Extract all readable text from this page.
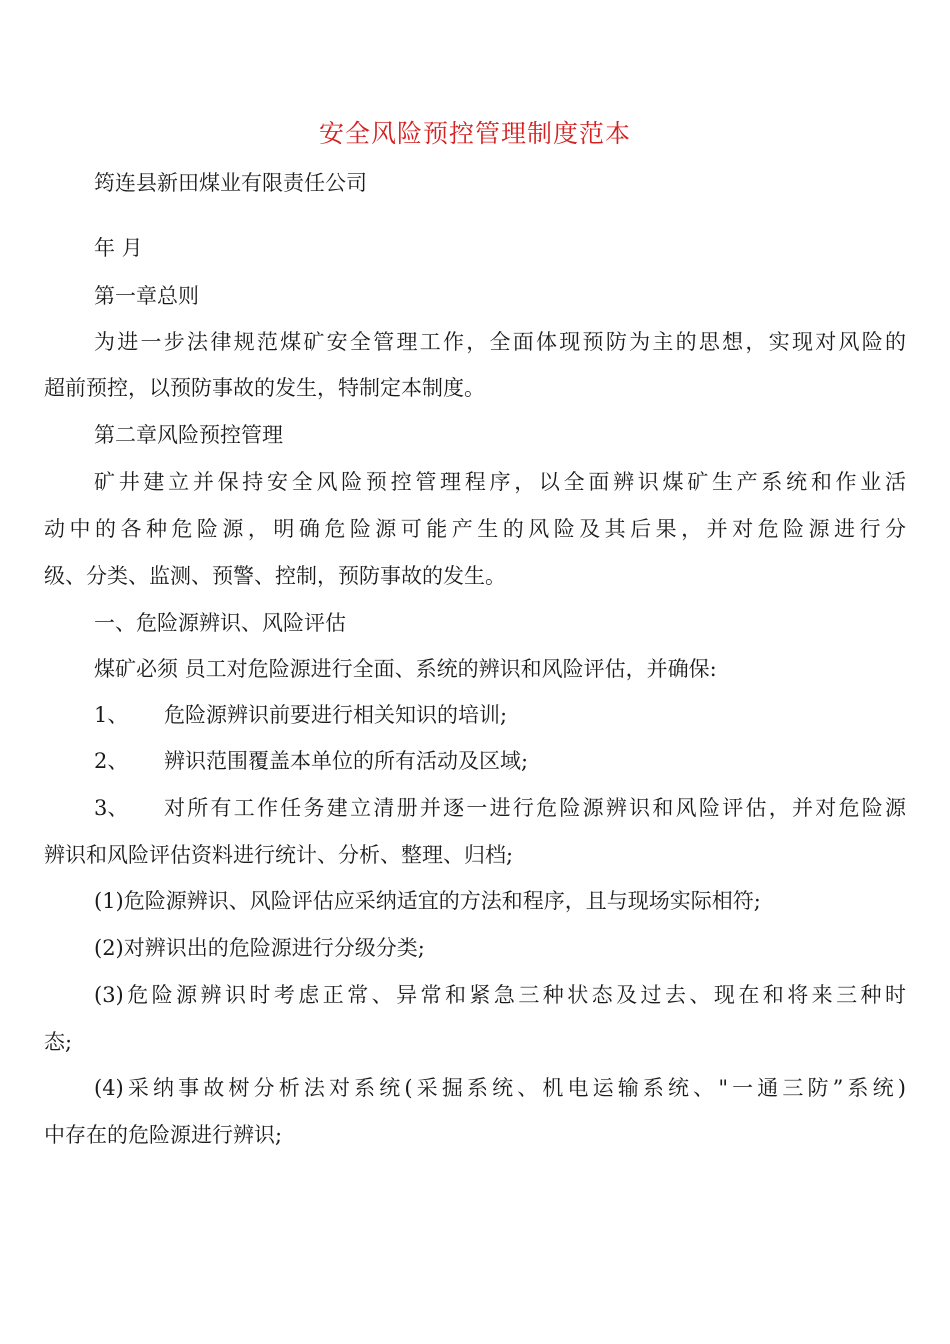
安全风险预控管理制度范本

筠连县新田煤业有限责任公司

年 月

第一章总则

为进一步法律规范煤矿安全管理工作，全面体现预防为主的思想，实现对风险的

超前预控，以预防事故的发生，特制定本制度。

第二章风险预控管理

矿井建立并保持安全风险预控管理程序，以全面辨识煤矿生产系统和作业活

动中的各种危险源，明确危险源可能产生的风险及其后果，并对危险源进行分

级、分类、监测、预警、控制，预防事故的发生。

一、危险源辨识、风险评估

煤矿必须 员工对危险源进行全面、系统的辨识和风险评估，并确保:

1、 危险源辨识前要进行相关知识的培训;
2、 辨识范围覆盖本单位的所有活动及区域;
3、 对所有工作任务建立清册并逐一进行危险源辨识和风险评估，并对危险源

辨识和风险评估资料进行统计、分析、整理、归档;

(1)危险源辨识、风险评估应采纳适宜的方法和程序，且与现场实际相符;

(2)对辨识出的危险源进行分级分类;

(3)危险源辨识时考虑正常、异常和紧急三种状态及过去、现在和将来三种时

态;

(4)采纳事故树分析法对系统(采掘系统、机电运输系统、"一通三防”系统)

中存在的危险源进行辨识;
